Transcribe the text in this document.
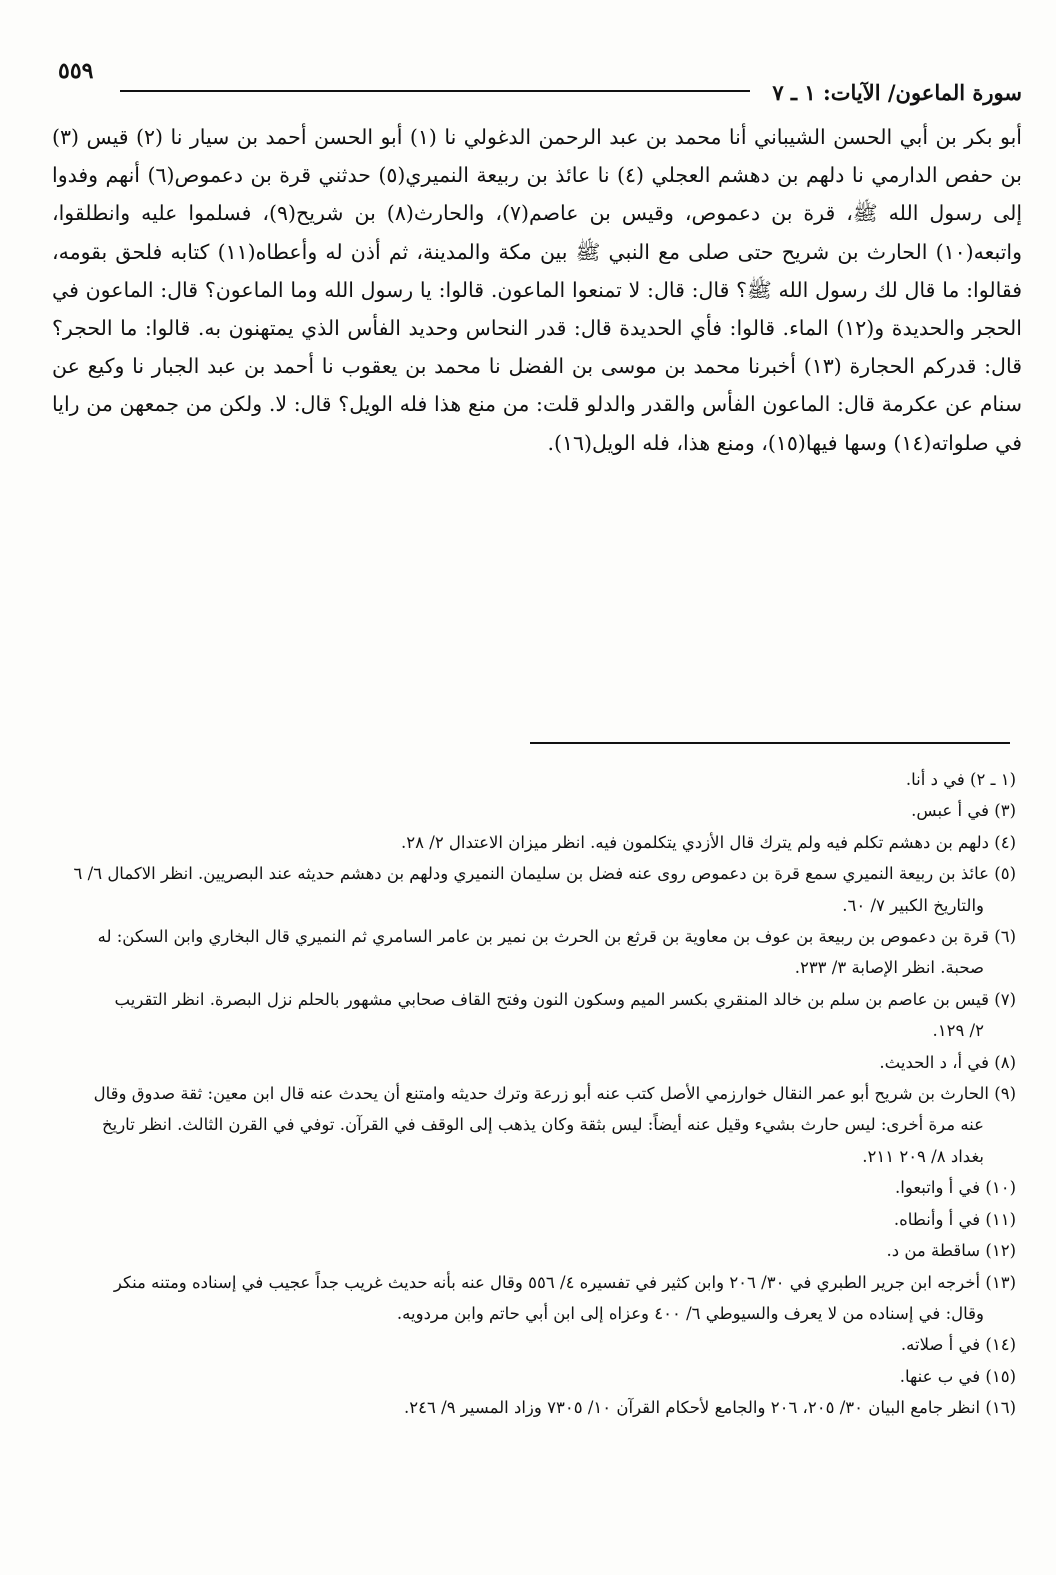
سورة الماعون/ الآيات: ١ ـ ٧
٥٥٩

أبو بكر بن أبي الحسن الشيباني أنا محمد بن عبد الرحمن الدغولي نا (١) أبو الحسن أحمد بن سيار نا (٢) قيس (٣) بن حفص الدارمي نا دلهم بن دهشم العجلي (٤) نا عائذ بن ربيعة النميري(٥) حدثني قرة بن دعموص(٦) أنهم وفدوا إلى رسول الله ﷺ، قرة بن دعموص، وقيس بن عاصم(٧)، والحارث(٨) بن شريح(٩)، فسلموا عليه وانطلقوا، واتبعه(١٠) الحارث بن شريح حتى صلى مع النبي ﷺ بين مكة والمدينة، ثم أذن له وأعطاه(١١) كتابه فلحق بقومه، فقالوا: ما قال لك رسول الله ﷺ؟ قال: قال: لا تمنعوا الماعون. قالوا: يا رسول الله وما الماعون؟ قال: الماعون في الحجر والحديدة و(١٢) الماء. قالوا: فأي الحديدة قال: قدر النحاس وحديد الفأس الذي يمتهنون به. قالوا: ما الحجر؟ قال: قدركم الحجارة (١٣) أخبرنا محمد بن موسى بن الفضل نا محمد بن يعقوب نا أحمد بن عبد الجبار نا وكيع عن سنام عن عكرمة قال: الماعون الفأس والقدر والدلو قلت: من منع هذا فله الويل؟ قال: لا. ولكن من جمعهن من رايا في صلواته(١٤) وسها فيها(١٥)، ومنع هذا، فله الويل(١٦).

(١ ـ ٢) في د أنا.
(٣) في أ عبس.
(٤) دلهم بن دهشم تكلم فيه ولم يترك قال الأزدي يتكلمون فيه. انظر ميزان الاعتدال ٢/ ٢٨.
(٥) عائذ بن ربيعة النميري سمع قرة بن دعموص روى عنه فضل بن سليمان النميري ودلهم بن دهشم حديثه عند البصريين. انظر الاكمال ٦/ ٦
والتاريخ الكبير ٧/ ٦٠.
(٦) قرة بن دعموص بن ربيعة بن عوف بن معاوية بن قرثع بن الحرث بن نمير بن عامر السامري ثم النميري قال البخاري وابن السكن: له
صحبة. انظر الإصابة ٣/ ٢٣٣.
(٧) قيس بن عاصم بن سلم بن خالد المنقري بكسر الميم وسكون النون وفتح القاف صحابي مشهور بالحلم نزل البصرة. انظر التقريب
٢/ ١٢٩.
(٨) في أ، د الحديث.
(٩) الحارث بن شريح أبو عمر النقال خوارزمي الأصل كتب عنه أبو زرعة وترك حديثه وامتنع أن يحدث عنه قال ابن معين: ثقة صدوق وقال
عنه مرة أخرى: ليس حارث بشيء وقيل عنه أيضاً: ليس بثقة وكان يذهب إلى الوقف في القرآن. توفي في القرن الثالث. انظر تاريخ
بغداد ٨/ ٢٠٩ ٢١١.
(١٠) في أ واتبعوا.
(١١) في أ وأنطاه.
(١٢) ساقطة من د.
(١٣) أخرجه ابن جرير الطبري في ٣٠/ ٢٠٦ وابن كثير في تفسيره ٤/ ٥٥٦ وقال عنه بأنه حديث غريب جداً عجيب في إسناده ومتنه منكر
وقال: في إسناده من لا يعرف والسيوطي ٦/ ٤٠٠ وعزاه إلى ابن أبي حاتم وابن مردويه.
(١٤) في أ صلاته.
(١٥) في ب عنها.
(١٦) انظر جامع البيان ٣٠/ ٢٠٥، ٢٠٦ والجامع لأحكام القرآن ١٠/ ٧٣٠٥ وزاد المسير ٩/ ٢٤٦.
